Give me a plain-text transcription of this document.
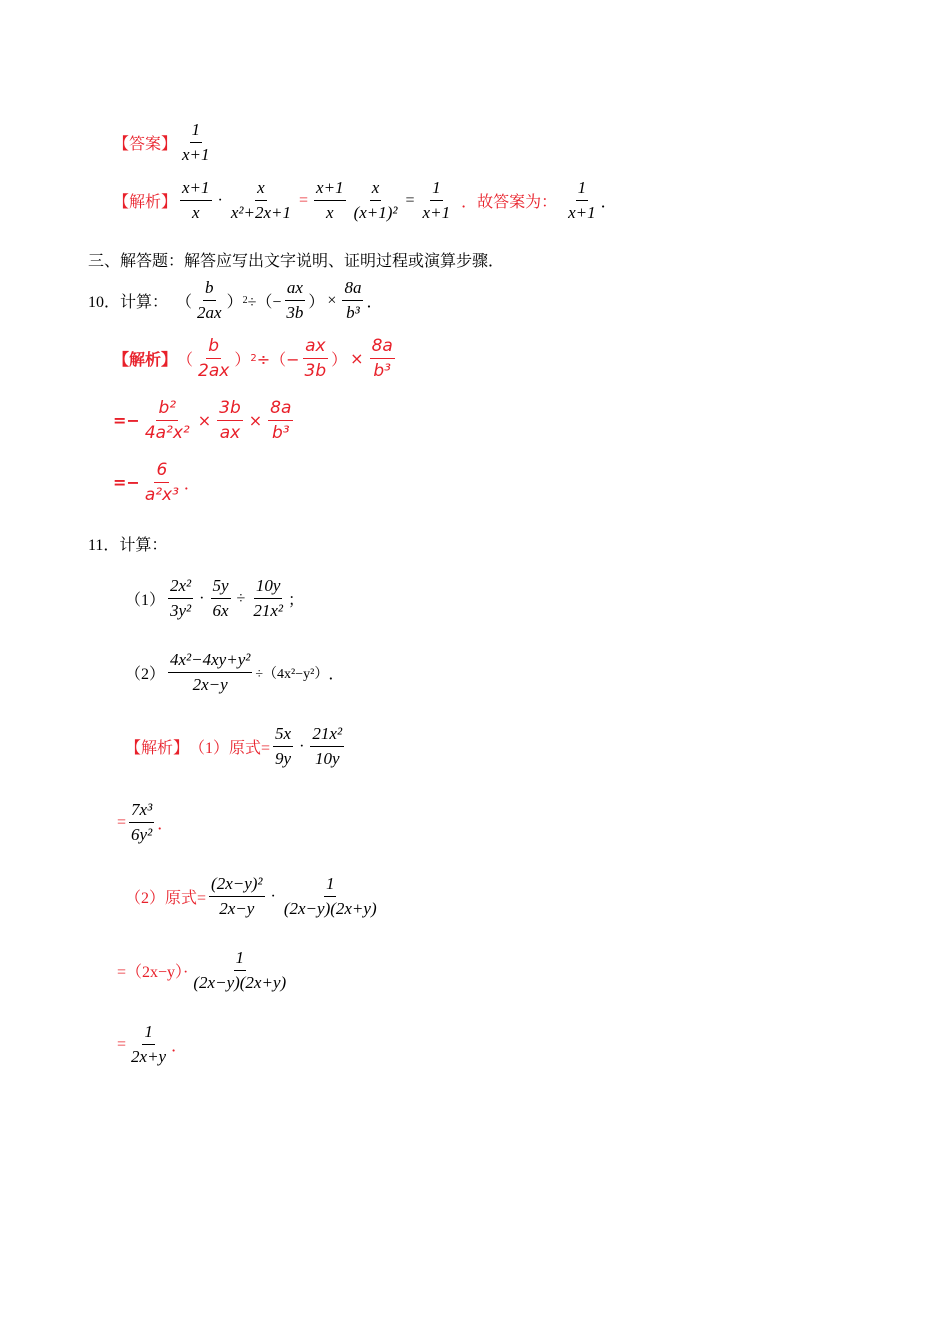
【答案】 $\frac{1}{x+1}$
【解析】 $\frac{x+1}{x} \cdot \frac{x}{\text{x²+2x+1}} = \frac{x+1}{x} \frac{x}{\text{(x+1)²}} = \frac{1}{x+1}$ ．故答案为： $\frac{1}{x+1}$ ．
三、解答题：解答应写出文字说明、证明过程或演算步骤．
10．计算： （ $\frac{b}{2ax}$ ） 2 ÷（− $\frac{ax}{3b}$ ） × $\frac{8a}{\text{b³}}$ ．
【解析】 （ $\frac{b}{2ax}$ ） 2 ÷（− $\frac{ax}{3b}$ ） × $\frac{8a}{\text{b³}}$
=− $\frac{\text{b²}}{\text{4a²x²}} \times \frac{3b}{ax} \times \frac{8a}{\text{b³}}$
=− $\frac{6}{\text{a²x³}}$ ．
11．计算：
$(1) \frac{\text{2x²}}{\text{3y²}} \cdot \frac{5y}{6x} \div \frac{10y}{\text{21x²}}$ ；
$(2) \frac{\text{4x²−4xy+y²}}{2x-y} \div(4x^2-y^2)$ ．
【解析】 （1）原式= $\frac{5x}{9y} \cdot \frac{\text{21x²}}{10y}$
= $\frac{\text{7x³}}{\text{6y²}}$ ．
（2）原式= $\frac{\text{(2x−y)²}}{2x-y} \cdot \frac{1}{(2x-y)(2x+y)}$
$=(2x-y)\cdot \frac{1}{(2x-y)(2x+y)}$
= $\frac{1}{2x+y}$ ．
